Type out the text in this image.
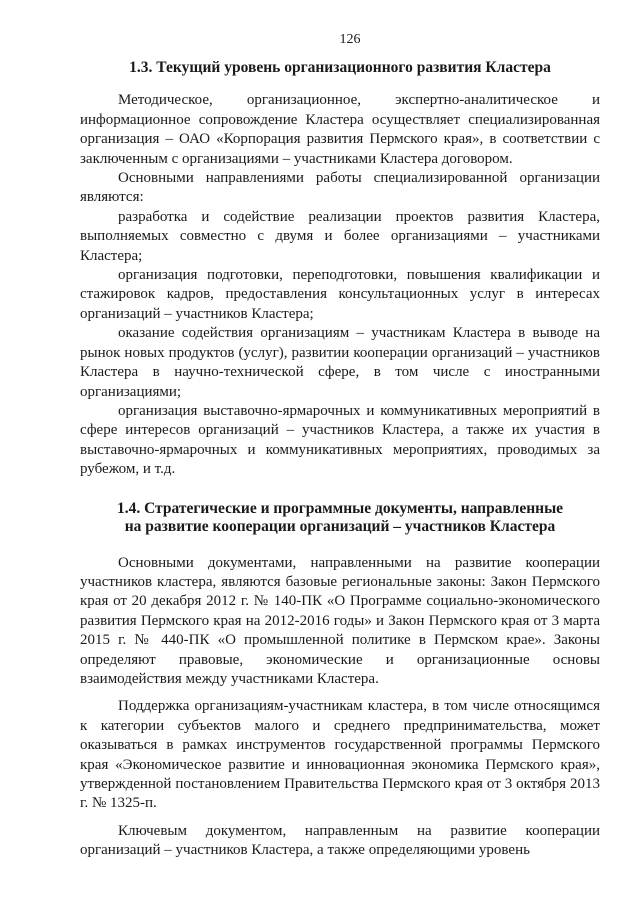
126
1.3. Текущий уровень организационного развития Кластера

Методическое, организационное, экспертно-аналитическое и информационное сопровождение Кластера осуществляет специализированная организация – ОАО «Корпорация развития Пермского края», в соответствии с заключенным с организациями – участниками Кластера договором.

Основными направлениями работы специализированной организации являются:

разработка и содействие реализации проектов развития Кластера, выполняемых совместно с двумя и более организациями – участниками Кластера;

организация подготовки, переподготовки, повышения квалификации и стажировок кадров, предоставления консультационных услуг в интересах организаций – участников Кластера;

оказание содействия организациям – участникам Кластера в выводе на рынок новых продуктов (услуг), развитии кооперации организаций – участников Кластера в научно-технической сфере, в том числе с иностранными организациями;

организация выставочно-ярмарочных и коммуникативных мероприятий в сфере интересов организаций – участников Кластера, а также их участия в выставочно-ярмарочных и коммуникативных мероприятиях, проводимых за рубежом, и т.д.

1.4. Стратегические и программные документы, направленные
на развитие кооперации организаций – участников Кластера

Основными документами, направленными на развитие кооперации участников кластера, являются базовые региональные законы: Закон Пермского края от 20 декабря 2012 г. № 140-ПК «О Программе социально-экономического развития Пермского края на 2012-2016 годы» и Закон Пермского края от 3 марта 2015 г. № 440-ПК «О промышленной политике в Пермском крае». Законы определяют правовые, экономические и организационные основы взаимодействия между участниками Кластера.

Поддержка организациям-участникам кластера, в том числе относящимся к категории субъектов малого и среднего предпринимательства, может оказываться в рамках инструментов государственной программы Пермского края «Экономическое развитие и инновационная экономика Пермского края», утвержденной постановлением Правительства Пермского края от 3 октября 2013 г. № 1325-п.

Ключевым документом, направленным на развитие кооперации организаций – участников Кластера, а также определяющими уровень
